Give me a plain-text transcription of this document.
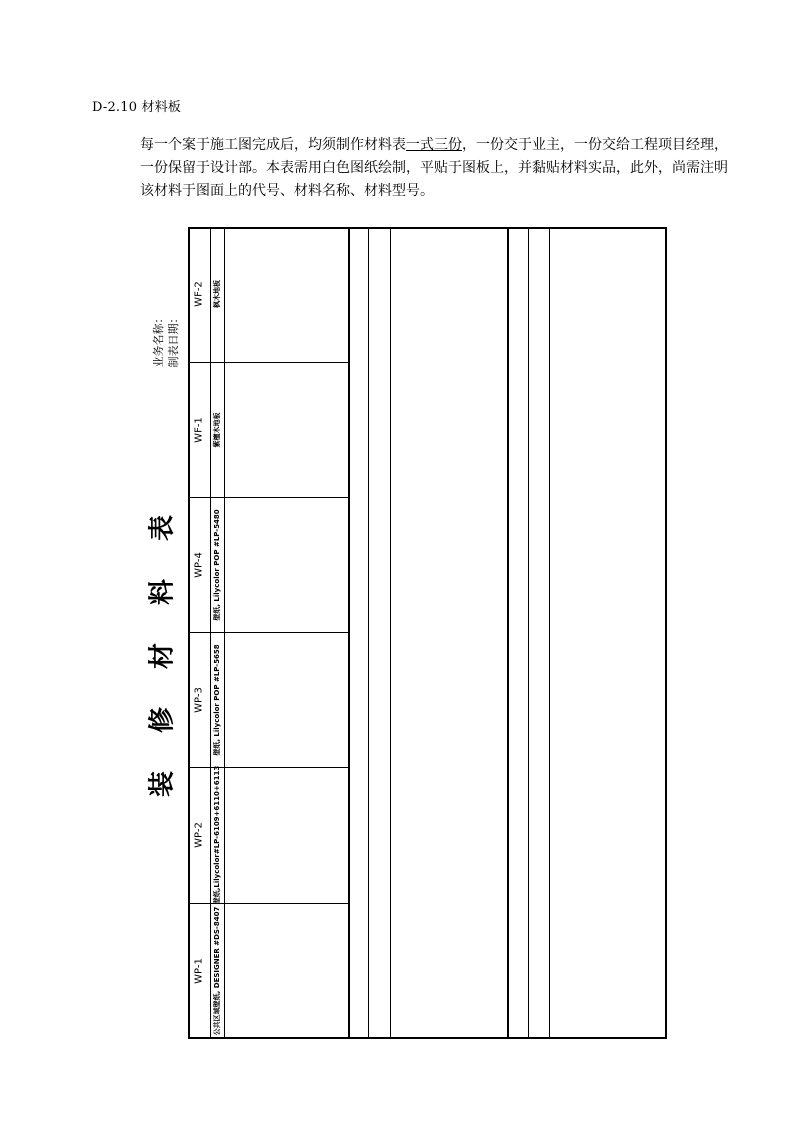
D-2.10 材料板
每一个案于施工图完成后，均须制作材料表一式三份，一份交于业主，一份交给工程项目经理，一份保留于设计部。本表需用白色图纸绘制，平贴于图板上，并黏贴材料实品，此外，尚需注明该材料于图面上的代号、材料名称、材料型号。
业务名称： 制表日期：
装修材料表
WP-1 公共区域壁纸, DESIGNER #DS-8407
WP-2 壁纸,Lilycolor#LP-6109+6110+6113
WP-3 壁纸, Lilycolor POP #LP-5658
WP-4 壁纸, Lilycolor POP #LP-5480
WF-1 紫檀木地板
WF-2 枫木地板
